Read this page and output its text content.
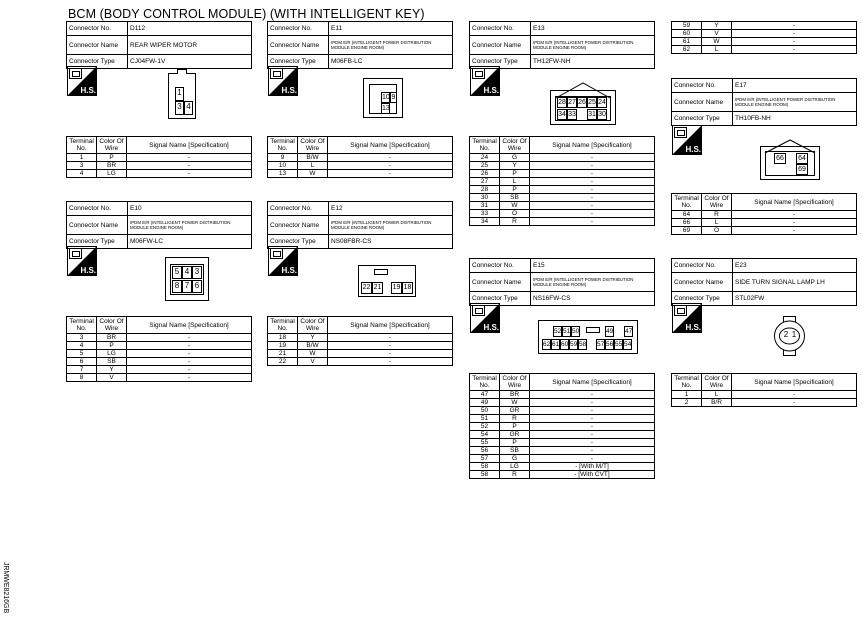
BCM (BODY CONTROL MODULE) (WITH INTELLIGENT KEY)
JRMWE8216GB
Connector No.	D112
Connector Name	REAR WIPER MOTOR
Connector Type	CJ04FW-1V
H.S.	1
3 4
Terminal No.	Color Of Wire	Signal Name [Specification]
1	P	-
3	BR	-
4	LG	-
Connector No.	E11
Connector Name	IPDM E/R (INTELLIGENT POWER DISTRIBUTION MODULE ENGINE ROOM)
Connector Type	M06FB-LC
H.S.
10 9
13
Terminal No.	Color Of Wire	Signal Name [Specification]
9	B/W	-
10	L	-
13	W	-
Connector No.	E13
Connector Name	IPDM E/R (INTELLIGENT POWER DISTRIBUTION MODULE ENGINE ROOM)
Connector Type	TH12FW-NH
H.S.
28 27 26 25 24
34 33 31 30
Terminal No.	Color Of Wire	Signal Name [Specification]
24	G	-
25	Y	-
26	P	-
27	L	-
28	P	-
30	SB	-
31	W	-
33	O	-
34	R	-
59	Y	-
60	V	-
61	W	-
62	L	-
Connector No.	E17
Connector Name	IPDM E/R (INTELLIGENT POWER DISTRIBUTION MODULE ENGINE ROOM)
Connector Type	TH10FB-NH
H.S.
66	64
69
Terminal No.	Color Of Wire	Signal Name [Specification]
64	R	-
66	L	-
69	O	-
Connector No.	E10
Connector Name	IPDM E/R (INTELLIGENT POWER DISTRIBUTION MODULE ENGINE ROOM)
Connector Type	M06FW-LC
H.S.	5 4 3
8 7 6
Terminal No.	Color Of Wire	Signal Name [Specification]
3	BR	-
4	P	-
5	LG	-
6	SB	-
7	Y	-
8	V	-
Connector No.	E12
Connector Name	IPDM E/R (INTELLIGENT POWER DISTRIBUTION MODULE ENGINE ROOM)
Connector Type	NS08FBR-CS
H.S.
22 21 19 18
Terminal No.	Color Of Wire	Signal Name [Specification]
18	Y	-
19	B/W	-
21	W	-
22	V	-
Connector No.	E15
Connector Name	IPDM E/R (INTELLIGENT POWER DISTRIBUTION MODULE ENGINE ROOM)
Connector Type	NS16FW-CS
H.S.	52 51 50	49 47
62 61 60 59 58 57 56 55 54
Terminal No.	Color Of Wire	Signal Name [Specification]
47	BR	-
49	W	-
50	GR	-
51	R	-
52	P	-
54	GR	-
55	P	-
56	SB	-
57	G	-
58	LG	- [With M/T]
58	R	- [With CVT]
Connector No.	E23
Connector Name	SIDE TURN SIGNAL LAMP LH
Connector Type	STL02FW
H.S.
2 1
Terminal No.	Color Of Wire	Signal Name [Specification]
1	L	-
2	B/R	-
